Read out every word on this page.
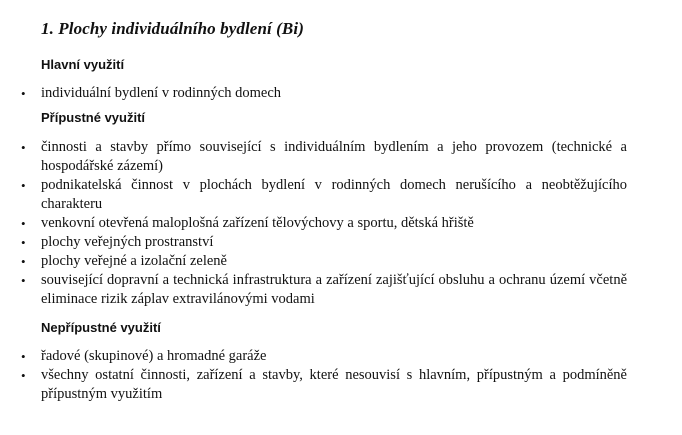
1. Plochy individuálního bydlení (Bi)
Hlavní využití
• individuální bydlení v rodinných domech
Přípustné využití
• činnosti a stavby přímo související s individuálním bydlením a jeho provozem (technické a hospodářské zázemí)
• podnikatelská činnost v plochách bydlení v rodinných domech nerušícího a neobtěžujícího charakteru
• venkovní otevřená maloplošná zařízení tělovýchovy a sportu, dětská hřiště
• plochy veřejných prostranství
• plochy veřejné a izolační zeleně
• související dopravní a technická infrastruktura a zařízení zajišťující obsluhu a ochranu území včetně eliminace rizik záplav extravilánovými vodami
Nepřípustné využití
• řadové (skupinové) a hromadné garáže
• všechny ostatní činnosti, zařízení a stavby, které nesouvisí s hlavním, přípustným a podmíněně přípustným využitím
